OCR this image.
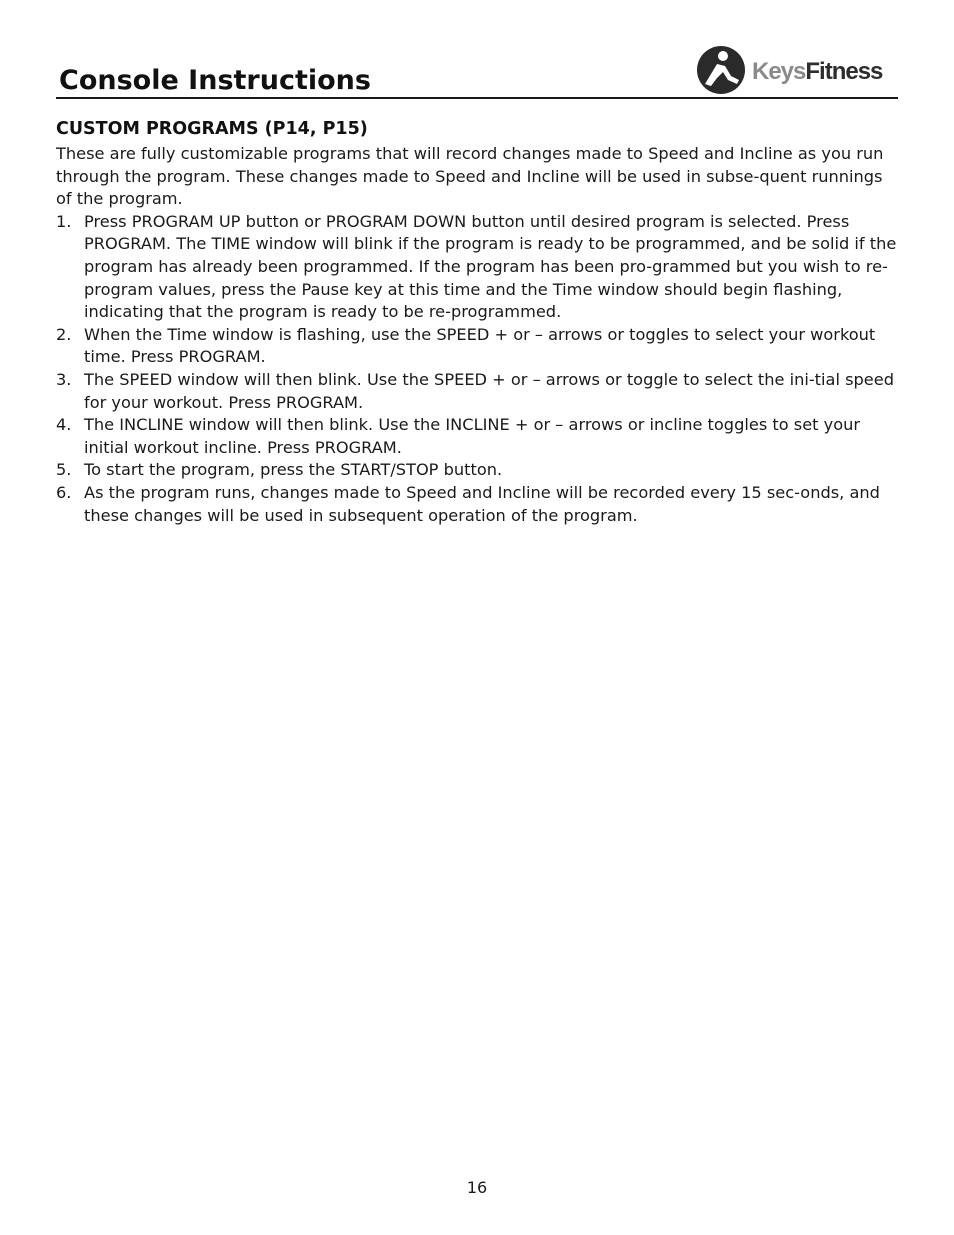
Console Instructions	KeysFitness
CUSTOM PROGRAMS (P14, P15)

These are fully customizable programs that will record changes made to Speed and Incline as you run through the program. These changes made to Speed and Incline will be used in subse-quent runnings of the program.

1. Press PROGRAM UP button or PROGRAM DOWN button until desired program is selected. Press PROGRAM. The TIME window will blink if the program is ready to be programmed, and be solid if the program has already been programmed. If the program has been pro-grammed but you wish to re-program values, press the Pause key at this time and the Time window should begin flashing, indicating that the program is ready to be re-programmed.
2. When the Time window is flashing, use the SPEED + or – arrows or toggles to select your workout time. Press PROGRAM.
3. The SPEED window will then blink. Use the SPEED + or – arrows or toggle to select the ini-tial speed for your workout. Press PROGRAM.
4. The INCLINE window will then blink. Use the INCLINE + or – arrows or incline toggles to set your initial workout incline. Press PROGRAM.
5. To start the program, press the START/STOP button.
6. As the program runs, changes made to Speed and Incline will be recorded every 15 sec-onds, and these changes will be used in subsequent operation of the program.
16
